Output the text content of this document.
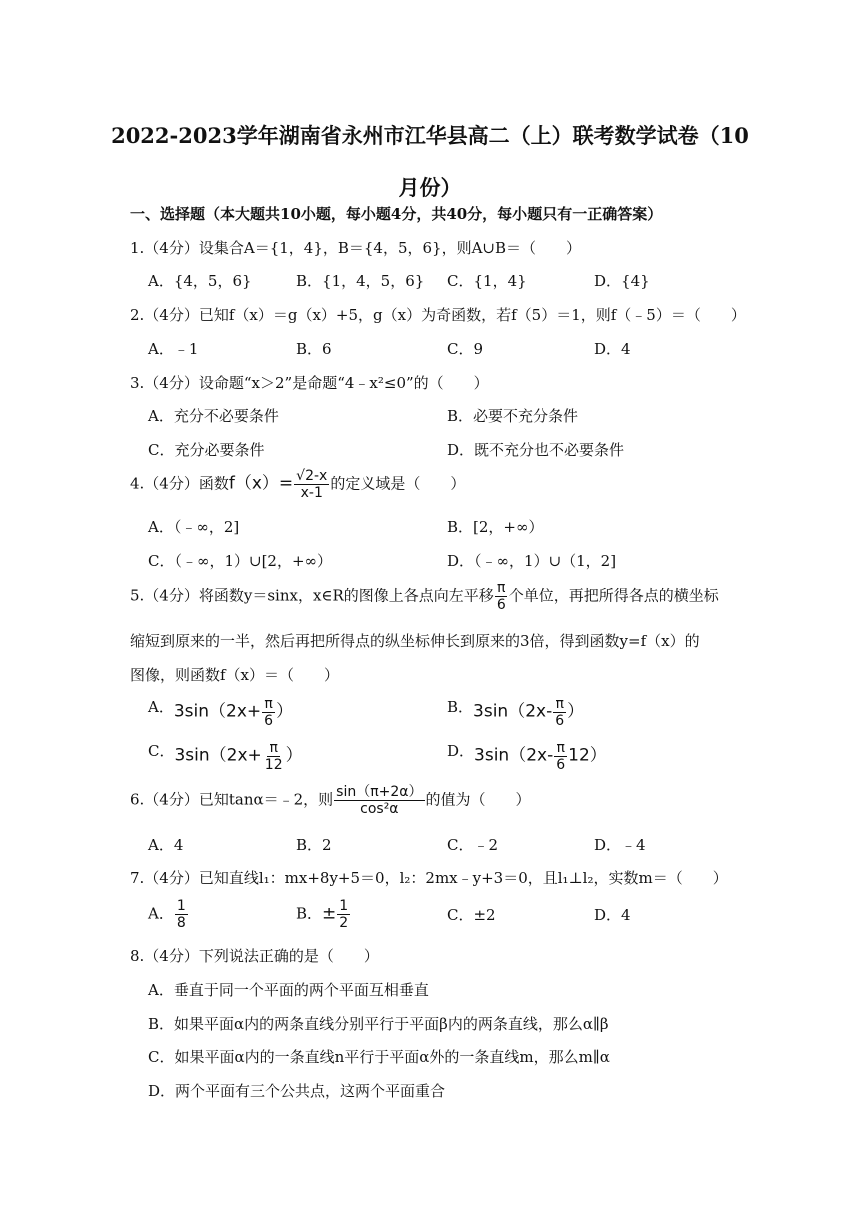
2022-2023学年湖南省永州市江华县高二（上）联考数学试卷（10月份）
一、选择题（本大题共10小题，每小题4分，共40分，每小题只有一正确答案）
1.（4分）设集合A＝{1，4}，B＝{4，5，6}，则A∪B＝（　　）
A．{4，5，6}	B．{1，4，5，6} C．{1，4}	D．{4}
2.（4分）已知f（x）＝g（x）+5，g（x）为奇函数，若f（5）＝1，则f（﹣5）＝（　　）
A．﹣1	B．6	C．9	D．4
3.（4分）设命题“x＞2”是命题“4﹣x²≤0”的（　　）
A．充分不必要条件	B．必要不充分条件
C．充分必要条件	D．既不充分也不必要条件
4.（4分）函数$f(x)= \frac{√2-x}{x-1}$ 的定义域是（　　）
A．（﹣∞，2]	B．[2，+∞）
C．（﹣∞，1）∪[2，+∞）	D．（﹣∞，1）∪（1，2]
5.（4分）将函数y＝sinx，x∈R的图像上各点向左平移 $\frac{\pi}{6}$ 个单位，再把所得各点的横坐标
缩短到原来的一半，然后再把所得点的纵坐标伸长到原来的3倍，得到函数y=f（x）的
图像，则函数f（x）＝（　　）
A．$3\sin(2x+ \frac{\pi}{6}$ ）	B．$3\sin(2x- \frac{\pi}{6}$ ）
C．$3\sin(2x+ \frac{\pi}{12}$ ）	D．$3\sin(2x- \frac{\pi}{6} 12)$
6.（4分）已知tanα＝﹣2，则 $\frac{\sin(\pi+2\alpha)}{\text{cos²α}}$ 的值为（　　）
A．4	B．2	C．﹣2	D．﹣4
7.（4分）已知直线l₁：mx+8y+5＝0，l₂：2mx﹣y+3＝0，且l₁⊥l₂，实数m＝（　　）
A． $\frac{1}{8}$	B．± $\frac{1}{2}$	C．±2	D．4
8.（4分）下列说法正确的是（　　）
A．垂直于同一个平面的两个平面互相垂直
B．如果平面α内的两条直线分别平行于平面β内的两条直线，那么α∥β
C．如果平面α内的一条直线n平行于平面α外的一条直线m，那么m∥α
D．两个平面有三个公共点，这两个平面重合
